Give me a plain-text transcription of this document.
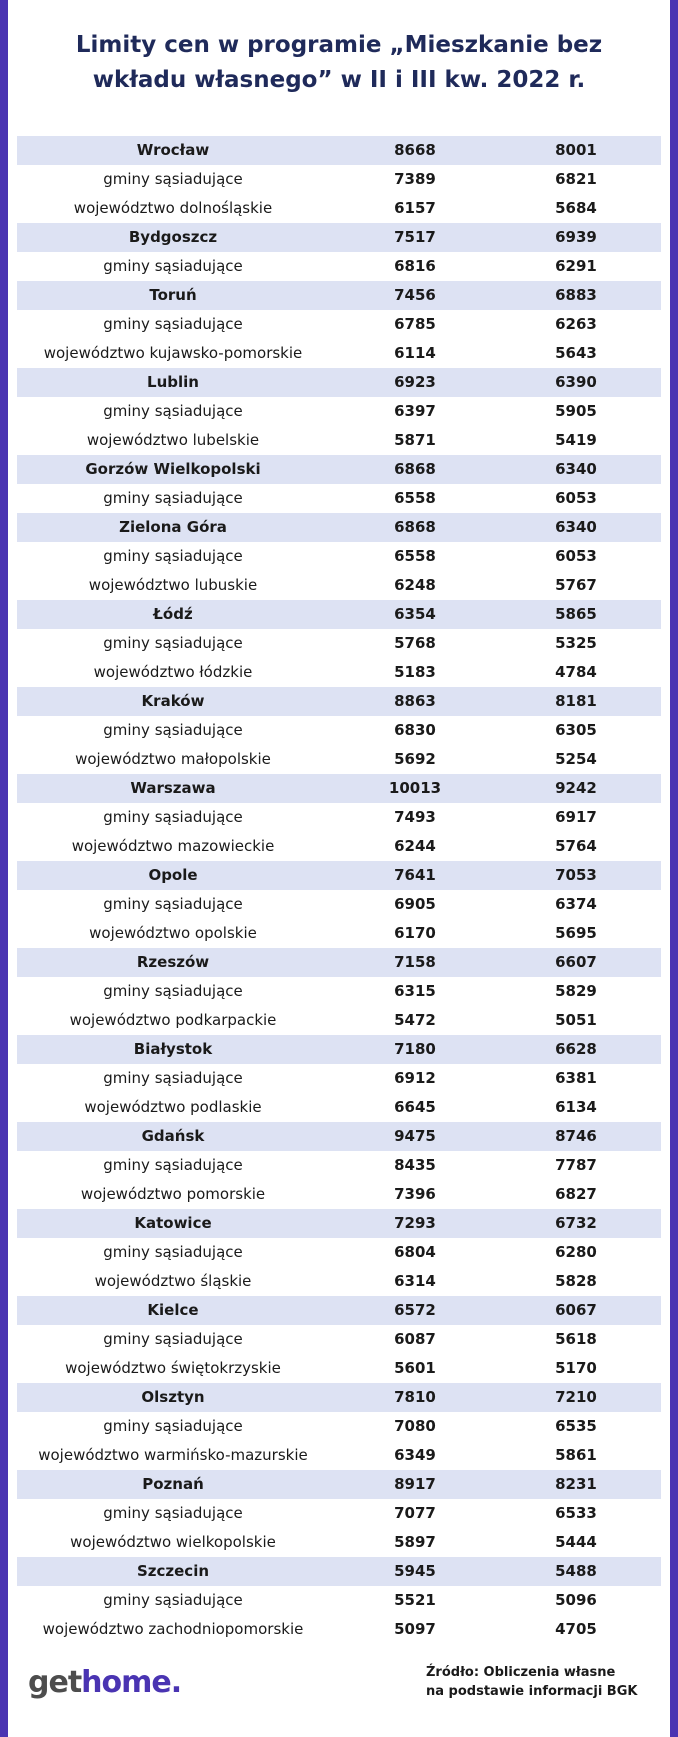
Limity cen w programie „Mieszkanie bez
wkładu własnego” w II i III kw. 2022 r.
Wrocław	8668	8001
gminy sąsiadujące	7389	6821
województwo dolnośląskie	6157	5684
Bydgoszcz	7517	6939
gminy sąsiadujące	6816	6291
Toruń	7456	6883
gminy sąsiadujące	6785	6263
województwo kujawsko-pomorskie	6114	5643
Lublin	6923	6390
gminy sąsiadujące	6397	5905
województwo lubelskie	5871	5419
Gorzów Wielkopolski	6868	6340
gminy sąsiadujące	6558	6053
Zielona Góra	6868	6340
gminy sąsiadujące	6558	6053
województwo lubuskie	6248	5767
Łódź	6354	5865
gminy sąsiadujące	5768	5325
województwo łódzkie	5183	4784
Kraków	8863	8181
gminy sąsiadujące	6830	6305
województwo małopolskie	5692	5254
Warszawa	10013	9242
gminy sąsiadujące	7493	6917
województwo mazowieckie	6244	5764
Opole	7641	7053
gminy sąsiadujące	6905	6374
województwo opolskie	6170	5695
Rzeszów	7158	6607
gminy sąsiadujące	6315	5829
województwo podkarpackie	5472	5051
Białystok	7180	6628
gminy sąsiadujące	6912	6381
województwo podlaskie	6645	6134
Gdańsk	9475	8746
gminy sąsiadujące	8435	7787
województwo pomorskie	7396	6827
Katowice	7293	6732
gminy sąsiadujące	6804	6280
województwo śląskie	6314	5828
Kielce	6572	6067
gminy sąsiadujące	6087	5618
województwo świętokrzyskie	5601	5170
Olsztyn	7810	7210
gminy sąsiadujące	7080	6535
województwo warmińsko-mazurskie	6349	5861
Poznań	8917	8231
gminy sąsiadujące	7077	6533
województwo wielkopolskie	5897	5444
Szczecin	5945	5488
gminy sąsiadujące	5521	5096
województwo zachodniopomorskie	5097	4705
gethome.	Źródło: Obliczenia własne
na podstawie informacji BGK
